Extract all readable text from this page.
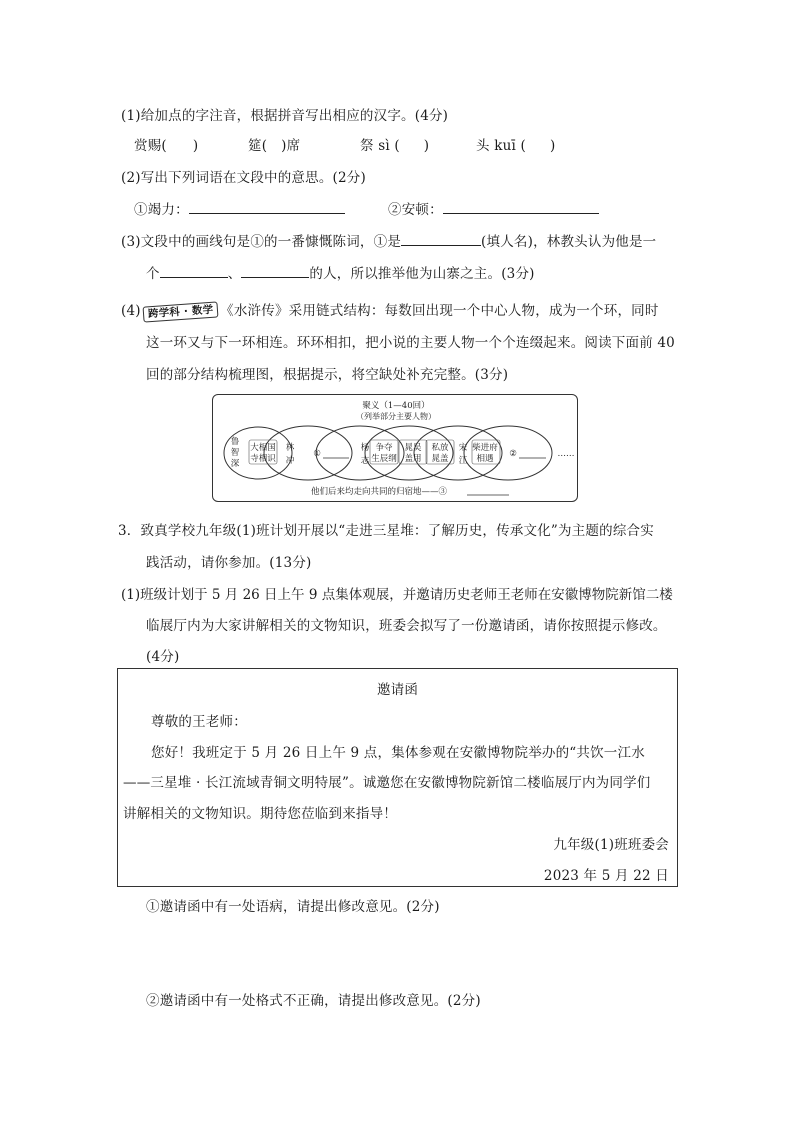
(1)给加点的字注音，根据拼音写出相应的汉字。(4分)
赏赐( )	筵( )席	祭 sì ( )	头 kuī ( )
(2)写出下列词语在文段中的意思。(2分)
①竭力：	②安顿：
(3)文段中的画线句是①的一番慷慨陈词，①是	(填人名)，林教头认为他是一
个	、	的人，所以推举他为山寨之主。(3分)
(4) 跨学科 · 数学 《水浒传》采用链式结构：每数回出现一个中心人物，成为一个环，同时
这一环又与下一环相连。环环相扣，把小说的主要人物一个个连缀起来。阅读下面前 40
回的部分结构梳理图，根据提示，将空缺处补充完整。(3分)
聚义（1—40回）
（列举部分主要人物）
鲁
智
深
大相国
寺相识
林
冲
①
杨
志
争夺
生辰纲
晁吴
盖用
私放
晁盖
宋
江
柴进府
相遇 ②	……
他们后来均走向共同的归宿地——③
3．致真学校九年级(1)班计划开展以“走进三星堆：了解历史，传承文化”为主题的综合实
践活动，请你参加。(13分)
(1)班级计划于 5 月 26 日上午 9 点集体观展，并邀请历史老师王老师在安徽博物院新馆二楼
临展厅内为大家讲解相关的文物知识，班委会拟写了一份邀请函，请你按照提示修改。
(4分)
邀请函
尊敬的王老师：
您好！我班定于 5 月 26 日上午 9 点，集体参观在安徽博物院举办的“共饮一江水
——三星堆 · 长江流域青铜文明特展”。诚邀您在安徽博物院新馆二楼临展厅内为同学们
讲解相关的文物知识。期待您莅临到来指导！
九年级(1)班班委会
2023 年 5 月 22 日
①邀请函中有一处语病，请提出修改意见。(2分)
②邀请函中有一处格式不正确，请提出修改意见。(2分)
